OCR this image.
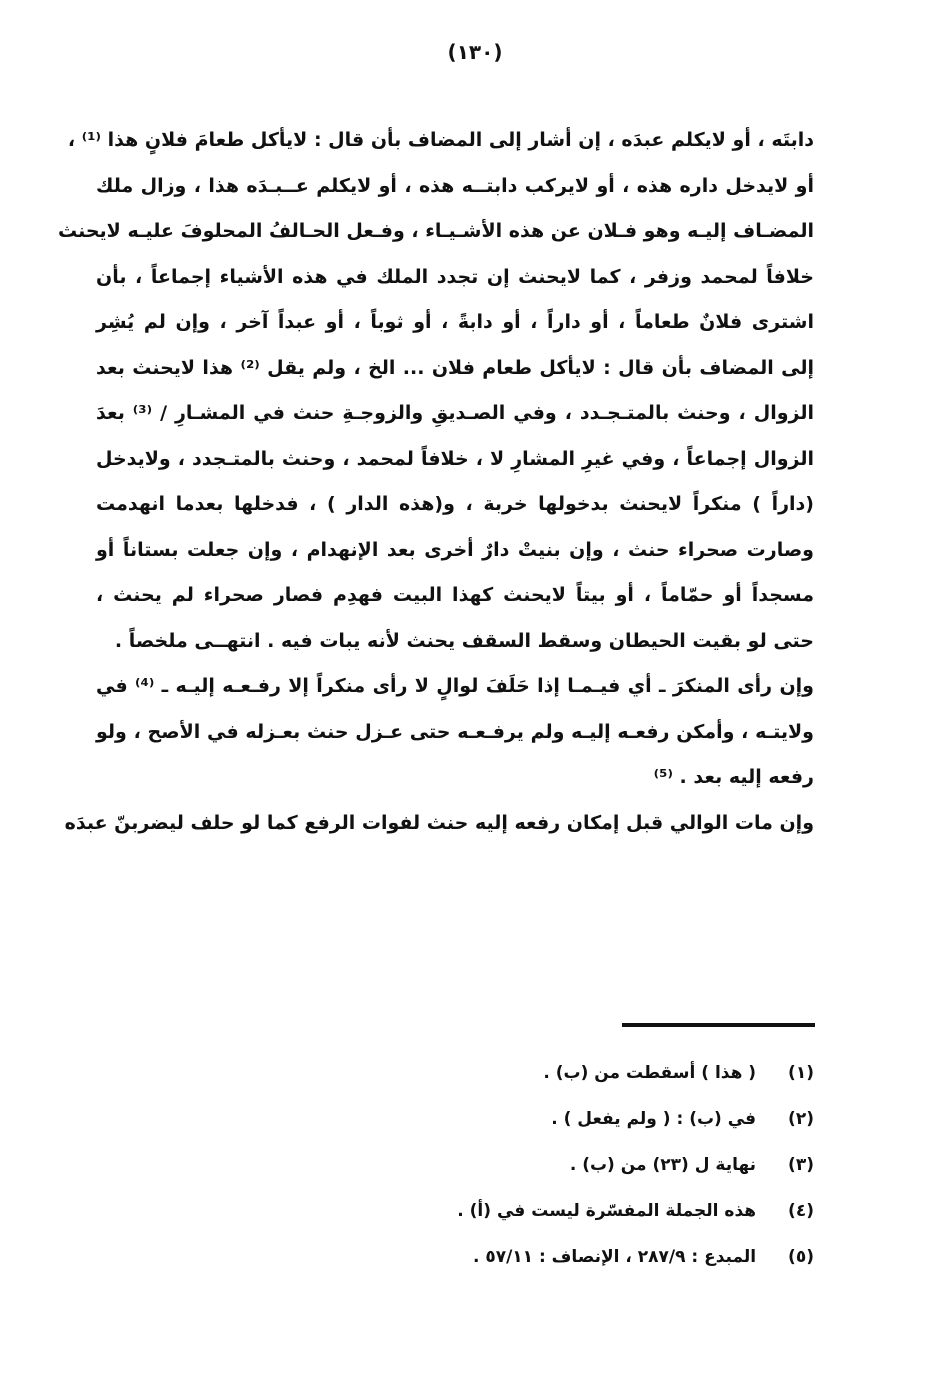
(١٣٠)
دابتَه ، أو لايكلم عبدَه ، إن أشار إلى المضاف بأن قال : لايأكل طعامَ فلانٍ هذا ⁽¹⁾ ،
أو لايدخل داره هذه ، أو لايركب دابتــه هذه ، أو لايكلم عــبـدَه هذا ، وزال ملك
المضـاف إليـه وهو فـلان عن هذه الأشـيـاء ، وفـعل الحـالفُ المحلوفَ عليـه لايحنث
خلافاً لمحمد وزفر ، كما لايحنث إن تجدد الملك في هذه الأشياء إجماعاً ، بأن
اشترى فلانٌ طعاماً ، أو داراً ، أو دابةً ، أو ثوباً ، أو عبداً آخر ، وإن لم يُشِر
إلى المضاف بأن قال : لايأكل طعام فلان ... الخ ، ولم يقل ⁽²⁾ هذا لايحنث بعد
الزوال ، وحنث بالمتـجـدد ، وفي الصـديقِ والزوجـةِ حنث في المشـارِ / ⁽³⁾ بعدَ
الزوال إجماعاً ، وفي غيرِ المشارِ لا ، خلافاً لمحمد ، وحنث بالمتـجدد ، ولايدخل
(داراً ) منكراً لايحنث بدخولها خربة ، و(هذه الدار ) ، فدخلها بعدما انهدمت
وصارت صحراء حنث ، وإن بنيتْ دارٌ أخرى بعد الإنهدام ، وإن جعلت بستاناً أو
مسجداً أو حمّاماً ، أو بيتاً لايحنث كهذا البيت فهدِم فصار صحراء لم يحنث ،
حتى لو بقيت الحيطان وسقط السقف يحنث لأنه يبات فيه . انتهــى ملخصاً .
وإن رأى المنكرَ ـ أي فيـمـا إذا حَلَفَ لوالٍ لا رأى منكراً إلا رفـعـه إليـه ـ ⁽⁴⁾ في
ولايتـه ، وأمكن رفعـه إليـه ولم يرفـعـه حتى عـزل حنث بعـزله في الأصح ، ولو
رفعه إليه بعد . ⁽⁵⁾
وإن مات الوالي قبل إمكان رفعه إليه حنث لفوات الرفع كما لو حلف ليضربنّ عبدَه
(١) ( هذا ) أسقطت من (ب) .
(٢) في (ب) : ( ولم يفعل ) .
(٣) نهاية ل (٢٣) من (ب) .
(٤) هذه الجملة المفسّرة ليست في (أ) .
(٥) المبدع : ٢٨٧/٩ ، الإنصاف : ٥٧/١١ .
